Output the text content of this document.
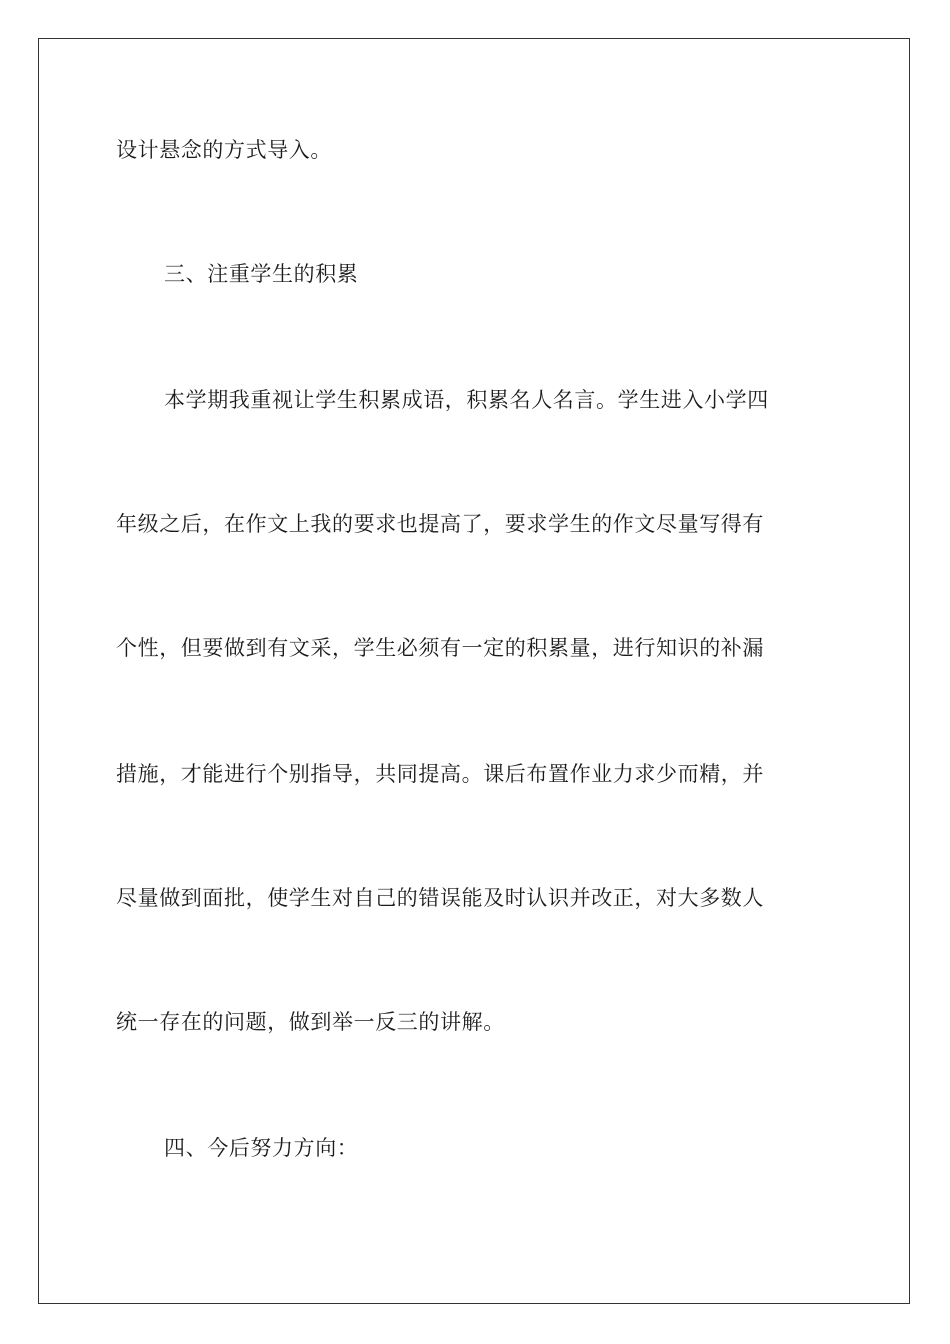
设计悬念的方式导入。
三、注重学生的积累
本学期我重视让学生积累成语，积累名人名言。学生进入小学四
年级之后，在作文上我的要求也提高了，要求学生的作文尽量写得有
个性，但要做到有文采，学生必须有一定的积累量，进行知识的补漏
措施，才能进行个别指导，共同提高。课后布置作业力求少而精，并
尽量做到面批，使学生对自己的错误能及时认识并改正，对大多数人
统一存在的问题，做到举一反三的讲解。
四、今后努力方向：
